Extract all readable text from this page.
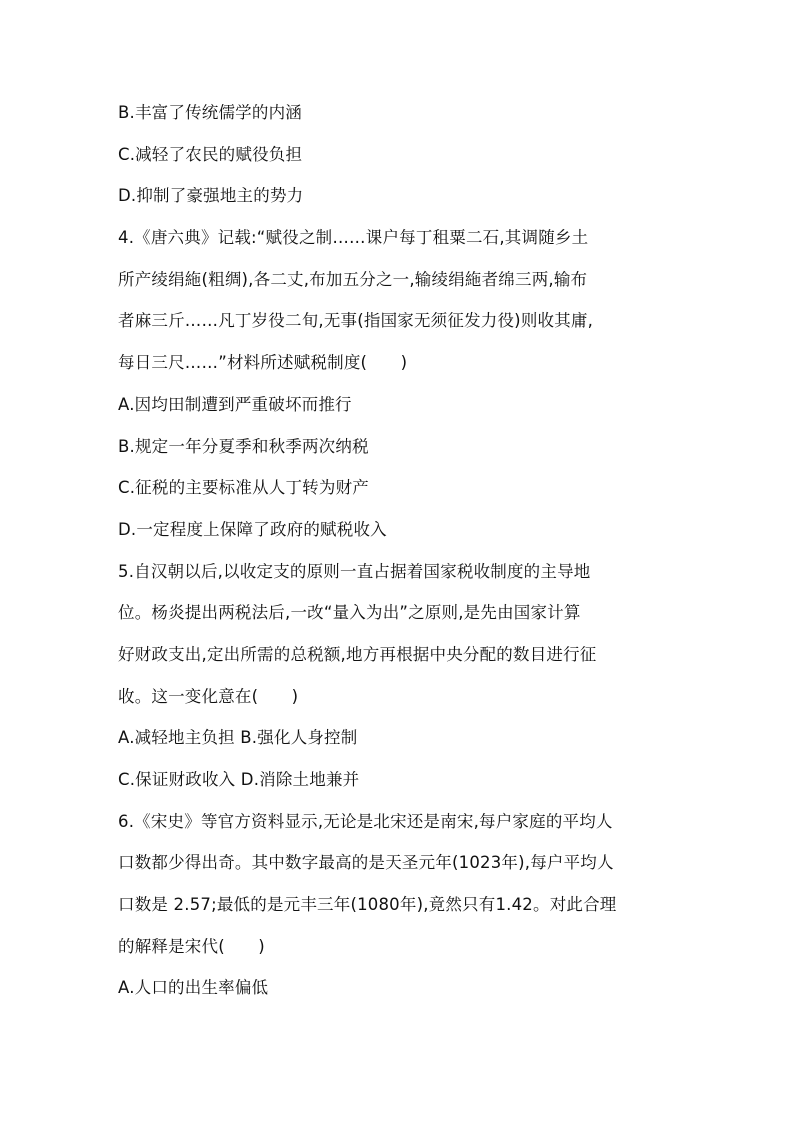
B.丰富了传统儒学的内涵
C.减轻了农民的赋役负担
D.抑制了豪强地主的势力
4.《唐六典》记载:“赋役之制……课户每丁租粟二石,其调随乡土
所产绫绢絁(粗绸),各二丈,布加五分之一,输绫绢絁者绵三两,输布
者麻三斤……凡丁岁役二旬,无事(指国家无须征发力役)则收其庸,
每日三尺……”材料所述赋税制度(　　)
A.因均田制遭到严重破坏而推行
B.规定一年分夏季和秋季两次纳税
C.征税的主要标准从人丁转为财产
D.一定程度上保障了政府的赋税收入
5.自汉朝以后,以收定支的原则一直占据着国家税收制度的主导地
位。杨炎提出两税法后,一改“量入为出”之原则,是先由国家计算
好财政支出,定出所需的总税额,地方再根据中央分配的数目进行征
收。这一变化意在(　　)
A.减轻地主负担 B.强化人身控制
C.保证财政收入 D.消除土地兼并
6.《宋史》等官方资料显示,无论是北宋还是南宋,每户家庭的平均人
口数都少得出奇。其中数字最高的是天圣元年(1023年),每户平均人
口数是 2.57;最低的是元丰三年(1080年),竟然只有1.42。对此合理
的解释是宋代(　　)
A.人口的出生率偏低
